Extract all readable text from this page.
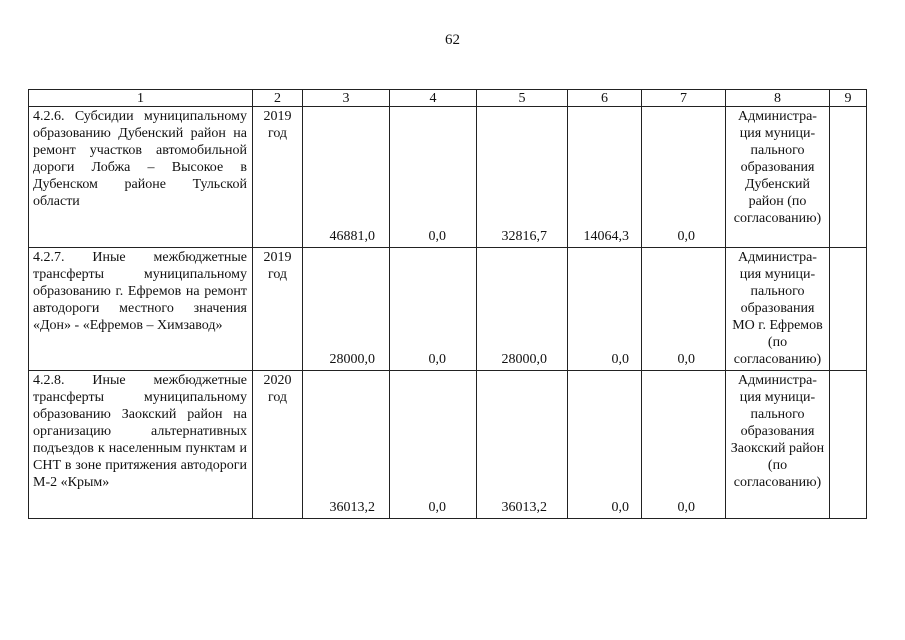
62
1	2	3	4	5	6	7	8	9
4.2.6. Субсидии муниципальному образованию Дубенский район на ремонт участков автомобильной дороги Лобжа – Высокое в Дубенском районе Тульской области	2019 год	46881,0	0,0	32816,7	14064,3	0,0	Администра-ция муници-пального образования Дубенский район (по согласованию)	
4.2.7. Иные межбюджетные трансферты муниципальному образованию г. Ефремов на ремонт автодороги местного значения «Дон» - «Ефремов – Химзавод»	2019 год	28000,0	0,0	28000,0	0,0	0,0	Администра-ция муници-пального образования МО г. Ефремов (по согласованию)	
4.2.8. Иные межбюджетные трансферты муниципальному образованию Заокский район на организацию альтернативных подъездов к населенным пунктам и СНТ в зоне притяжения автодороги М-2 «Крым»	2020 год	36013,2	0,0	36013,2	0,0	0,0	Администра-ция муници-пального образования Заокский район (по согласованию)	
